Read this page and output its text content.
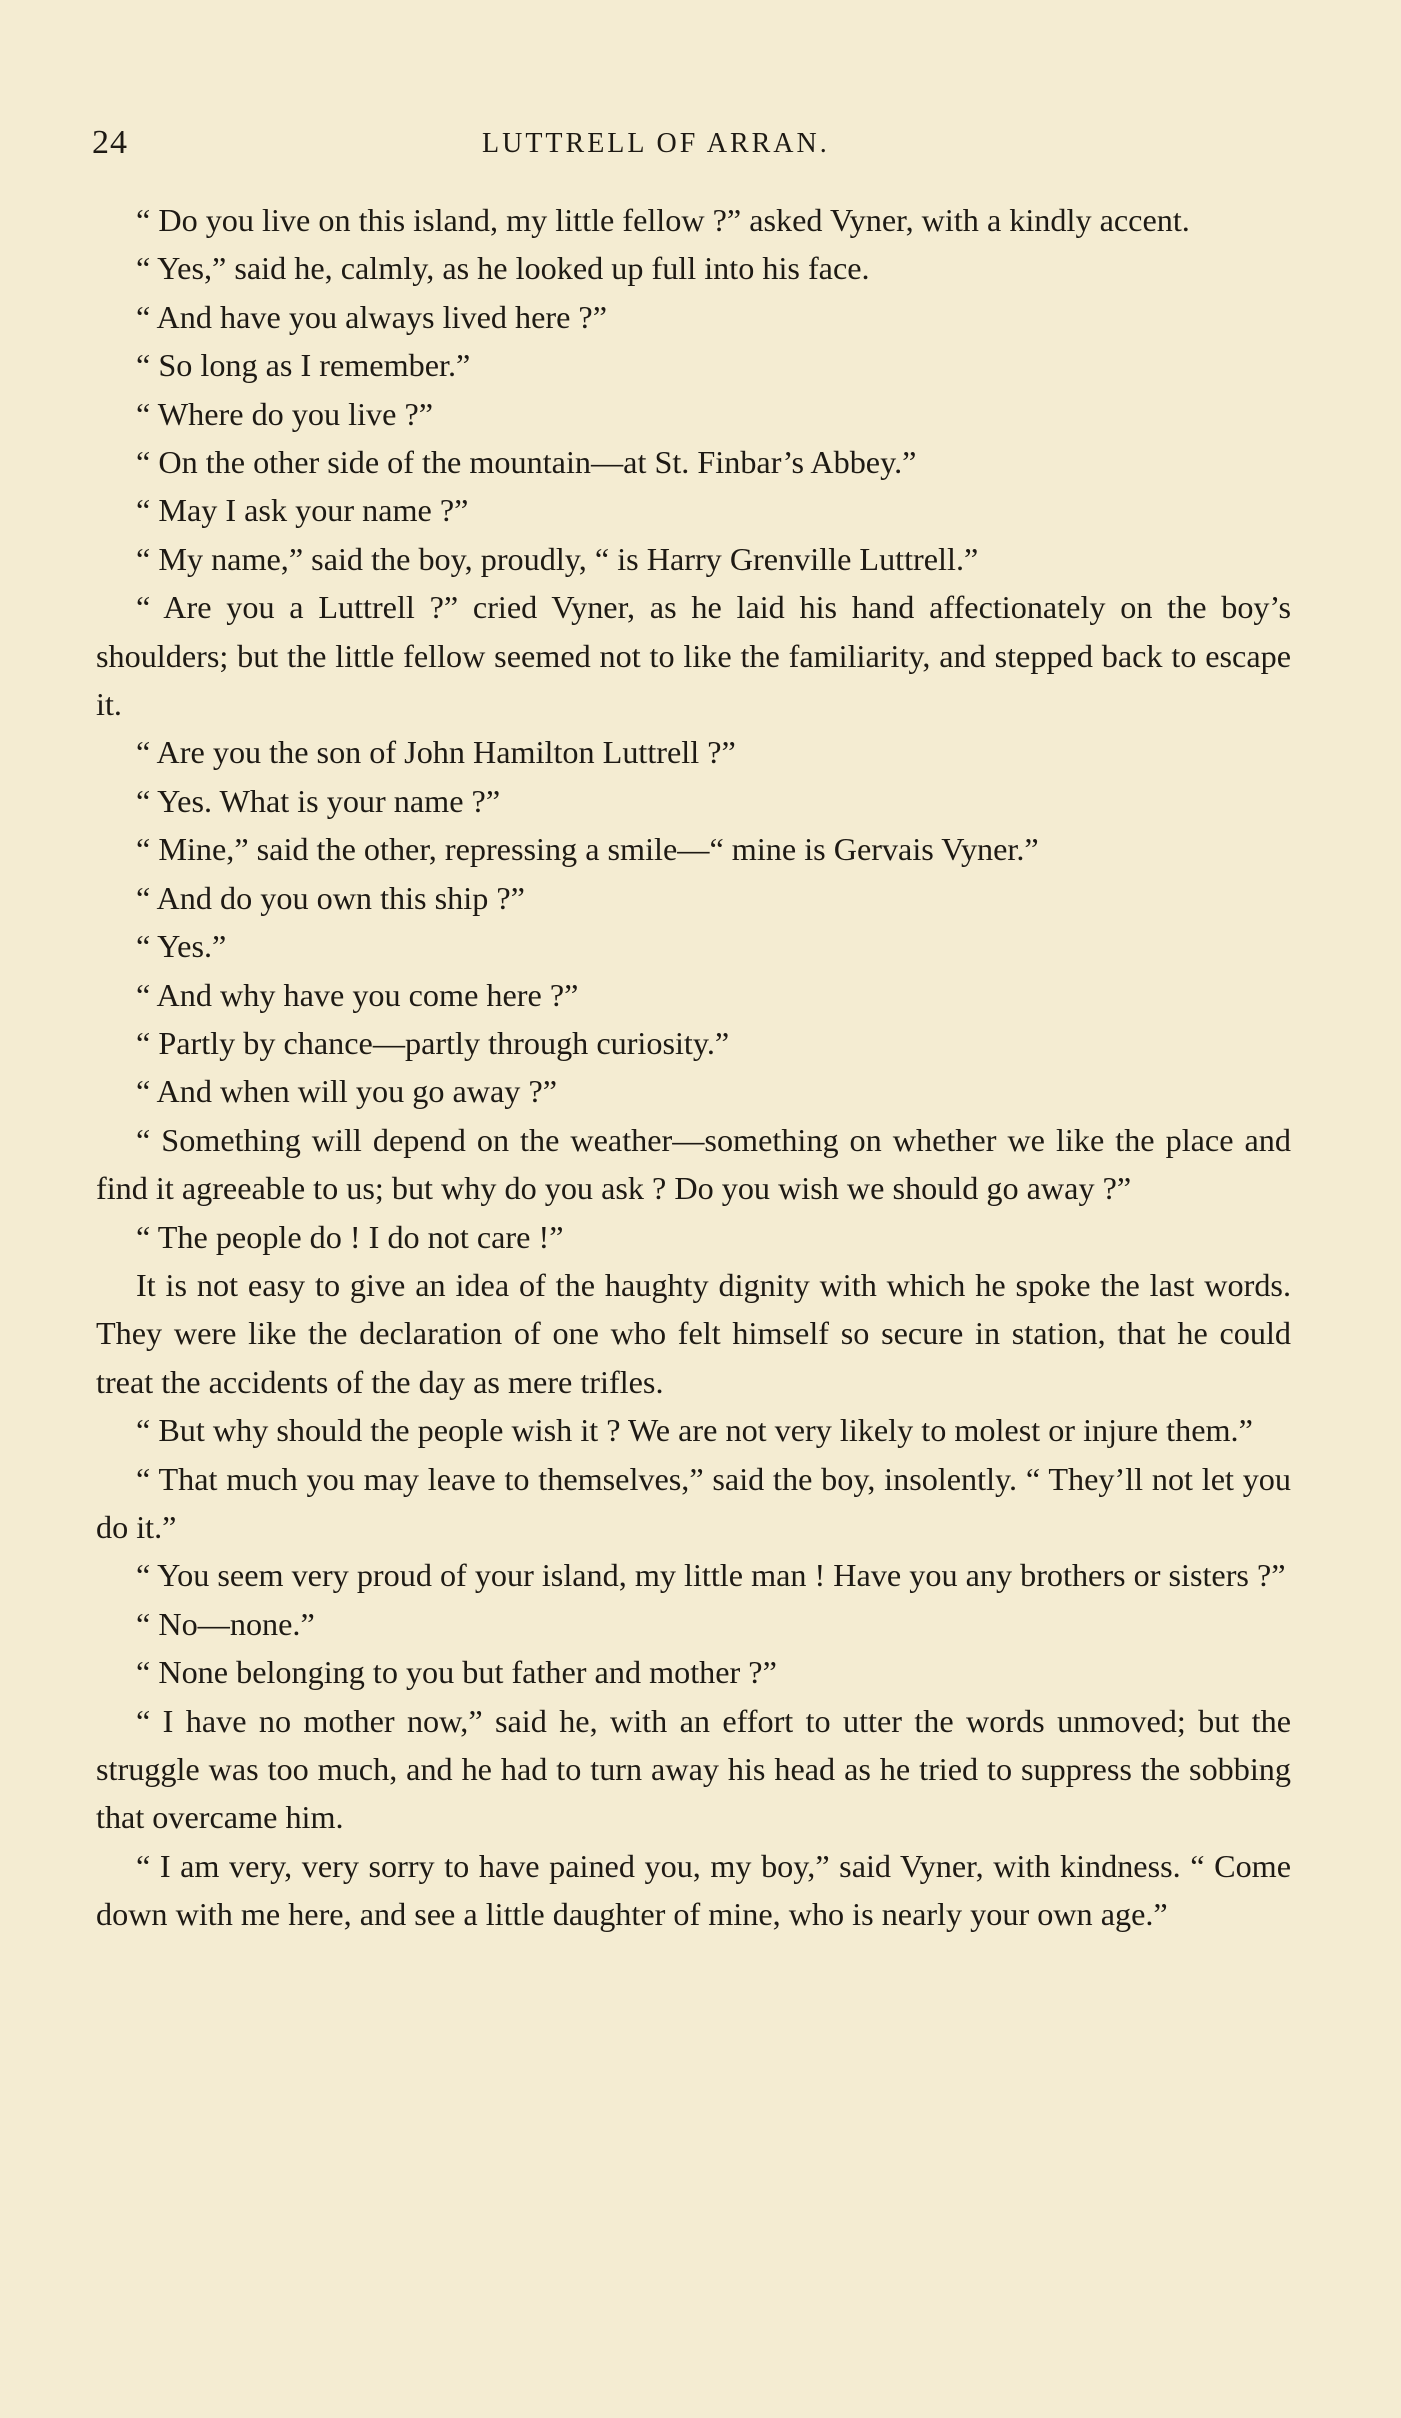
24	LUTTRELL OF ARRAN.

“ Do you live on this island, my little fellow ?” asked Vyner, with a kindly accent.

“ Yes,” said he, calmly, as he looked up full into his face.

“ And have you always lived here ?”

“ So long as I remember.”

“ Where do you live ?”

“ On the other side of the mountain—at St. Finbar’s Abbey.”

“ May I ask your name ?”

“ My name,” said the boy, proudly, “ is Harry Grenville Luttrell.”

“ Are you a Luttrell ?” cried Vyner, as he laid his hand affectionately on the boy’s shoulders; but the little fellow seemed not to like the familiarity, and stepped back to escape it.

“ Are you the son of John Hamilton Luttrell ?”

“ Yes. What is your name ?”

“ Mine,” said the other, repressing a smile—“ mine is Gervais Vyner.”

“ And do you own this ship ?”

“ Yes.”

“ And why have you come here ?”

“ Partly by chance—partly through curiosity.”

“ And when will you go away ?”

“ Something will depend on the weather—something on whether we like the place and find it agreeable to us; but why do you ask ? Do you wish we should go away ?”

“ The people do ! I do not care !”

It is not easy to give an idea of the haughty dignity with which he spoke the last words. They were like the declaration of one who felt himself so secure in station, that he could treat the accidents of the day as mere trifles.

“ But why should the people wish it ? We are not very likely to molest or injure them.”

“ That much you may leave to themselves,” said the boy, insolently. “ They’ll not let you do it.”

“ You seem very proud of your island, my little man ! Have you any brothers or sisters ?”

“ No—none.”

“ None belonging to you but father and mother ?”

“ I have no mother now,” said he, with an effort to utter the words unmoved; but the struggle was too much, and he had to turn away his head as he tried to suppress the sobbing that overcame him.

“ I am very, very sorry to have pained you, my boy,” said Vyner, with kindness. “ Come down with me here, and see a little daughter of mine, who is nearly your own age.”
